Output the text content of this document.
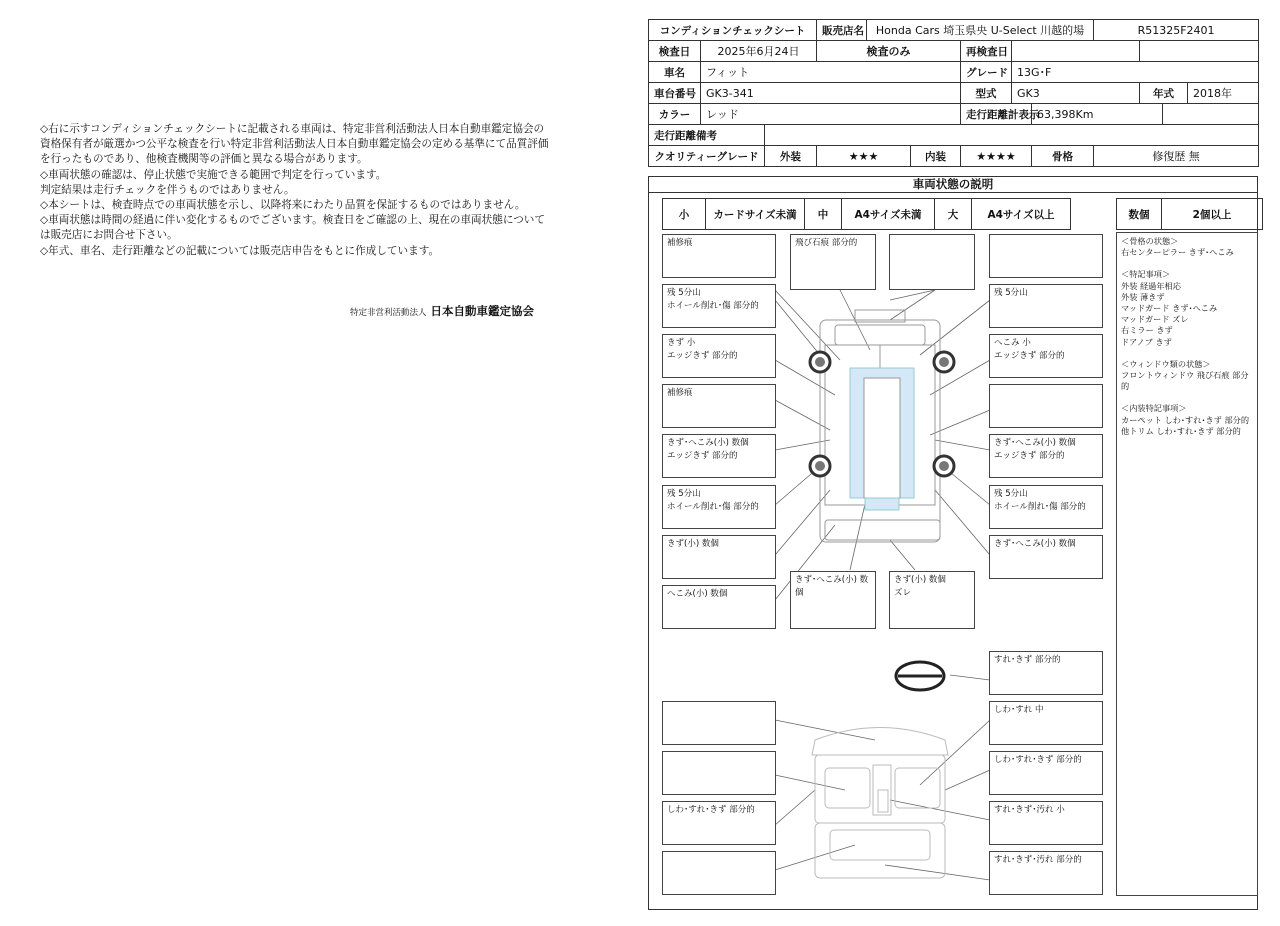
◇右に示すコンディションチェックシートに記載される車両は、特定非営利活動法人日本自動車鑑定協会の資格保有者が厳選かつ公平な検査を行い特定非営利活動法人日本自動車鑑定協会の定める基準にて品質評価を行ったものであり、他検査機関等の評価と異なる場合があります。
◇車両状態の確認は、停止状態で実施できる範囲で判定を行っています。
判定結果は走行チェックを伴うものではありません。
◇本シートは、検査時点での車両状態を示し、以降将来にわたり品質を保証するものではありません。
◇車両状態は時間の経過に伴い変化するものでございます。検査日をご確認の上、現在の車両状態については販売店にお問合せ下さい。
◇年式、車名、走行距離などの記載については販売店申告をもとに作成しています。
特定非営利活動法人 日本自動車鑑定協会
コンディションチェックシート			販売店名	Honda Cars 埼玉県央 U-Select 川越的場					R51325F2401			
検査日	2025年6月24日		検査のみ			再検査日						
車名	フィット					グレード	13G･F					
車台番号	GK3-341					型式	GK3			年式		2018年
カラー	レッド					走行距離計表示		63,398Km				
走行距離備考												
クオリティーグレード		外装	★★★		内装	★★★★		骨格	修復歴 無			
車両状態の説明
小	カードサイズ未満	中	A4サイズ未満	大	A4サイズ以上	数個	2個以上
補修痕	飛び石痕 部分的
残 5分山
ホイール削れ･傷 部分的
残 5分山
きず 小
エッジきず 部分的
へこみ 小
エッジきず 部分的
補修痕
きず･へこみ(小) 数個
エッジきず 部分的
きず･へこみ(小) 数個
エッジきず 部分的
残 5分山
ホイール削れ･傷 部分的
残 5分山
ホイール削れ･傷 部分的
きず(小) 数個	きず･へこみ(小) 数個
へこみ(小) 数個
きず･へこみ(小) 数個
きず(小) 数個
ズレ
すれ･きず 部分的
しわ･すれ 中
しわ･すれ･きず 部分的
しわ･すれ･きず 部分的	すれ･きず･汚れ 小
すれ･きず･汚れ 部分的
＜骨格の状態＞
右センターピラー きず･へこみ
＜特記事項＞
外装 経過年相応
外装 薄きず
マッドガード きず･へこみ
マッドガード ズレ
右ミラー きず
ドアノブ きず
＜ウィンドウ類の状態＞
フロントウィンドウ 飛び石痕 部分的
＜内装特記事項＞
カーペット しわ･すれ･きず 部分的
他トリム しわ･すれ･きず 部分的
